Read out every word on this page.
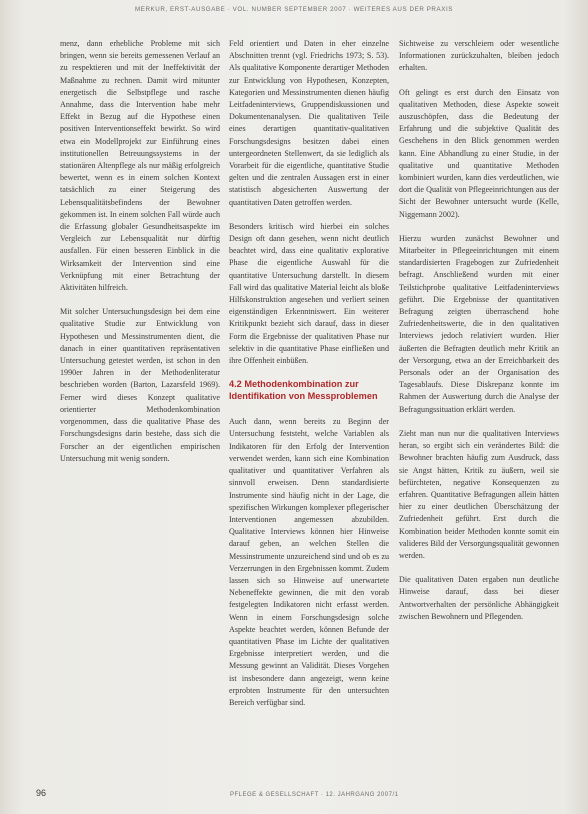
MERKUR, ERST-AUSGABE · VOL. NUMBER SEPTEMBER 2007 · WEITERES AUS DER PRAXIS

menz, dann erhebliche Probleme mit sich bringen, wenn sie bereits gemessenen Verlauf an zu respektieren und mit der Ineffektivität der Maßnahme zu rechnen. Damit wird mitunter energetisch die Selbstpflege und rasche Annahme, dass die Intervention habe mehr Effekt in Bezug auf die Hypothese einen positiven Interventionseffekt bewirkt. So wird etwa ein Modellprojekt zur Einführung eines institutionellen Betreuungssystems in der stationären Altenpflege als nur mäßig erfolgreich bewertet, wenn es in einem solchen Kontext tatsächlich zu einer Steigerung des Lebensqualitätsbefindens der Bewohner gekommen ist. In einem solchen Fall würde auch die Erfassung globaler Gesundheitsaspekte im Vergleich zur Lebensqualität nur dürftig ausfallen. Für einen besseren Einblick in die Wirksamkeit der Intervention sind eine Verknüpfung mit einer Betrachtung der Aktivitäten hilfreich.

Mit solcher Untersuchungsdesign bei dem eine qualitative Studie zur Entwicklung von Hypothesen und Messinstrumenten dient, die danach in einer quantitativen repräsentativen Untersuchung getestet werden, ist schon in den 1990er Jahren in der Methodenliteratur beschrieben worden (Barton, Lazarsfeld 1969). Ferner wird dieses Konzept qualitative orientierter Methodenkombination vorgenommen, dass die qualitative Phase des Forschungsdesigns darin bestehe, dass sich die Forscher an der eigentlichen empirischen Untersuchung mit wenig sondern.

Feld orientiert und Daten in eher einzelne Abschnitten trennt (vgl. Friedrichs 1973; S. 53). Als qualitative Komponente derartiger Methoden zur Entwicklung von Hypothesen, Konzepten, Kategorien und Messinstrumenten dienen häufig Leitfadeninterviews, Gruppendiskussionen und Dokumentenanalysen. Die qualitativen Teile eines derartigen quantitativ-qualitativen Forschungsdesigns besitzen dabei einen untergeordneten Stellenwert, da sie lediglich als Vorarbeit für die eigentliche, quantitative Studie gelten und die zentralen Aussagen erst in einer statistisch abgesicherten Auswertung der quantitativen Daten getroffen werden.

Besonders kritisch wird hierbei ein solches Design oft dann gesehen, wenn nicht deutlich beachtet wird, dass eine qualitativ explorative Phase die eigentliche Auswahl für die quantitative Untersuchung darstellt. In diesem Fall wird das qualitative Material leicht als bloße Hilfskonstruktion angesehen und verliert seinen eigenständigen Erkenntniswert. Ein weiterer Kritikpunkt bezieht sich darauf, dass in dieser Form die Ergebnisse der qualitativen Phase nur selektiv in die quantitative Phase einfließen und ihre Offenheit einbüßen.

4.2 Methodenkombination zur Identifikation von Messproblemen

Auch dann, wenn bereits zu Beginn der Untersuchung feststeht, welche Variablen als Indikatoren für den Erfolg der Intervention verwendet werden, kann sich eine Kombination qualitativer und quantitativer Verfahren als sinnvoll erweisen. Denn standardisierte Instrumente sind häufig nicht in der Lage, die spezifischen Wirkungen komplexer pflegerischer Interventionen angemessen abzubilden. Qualitative Interviews können hier Hinweise darauf geben, an welchen Stellen die Messinstrumente unzureichend sind und ob es zu Verzerrungen in den Ergebnissen kommt. Zudem lassen sich so Hinweise auf unerwartete Nebeneffekte gewinnen, die mit den vorab festgelegten Indikatoren nicht erfasst werden. Wenn in einem Forschungsdesign solche Aspekte beachtet werden, können Befunde der quantitativen Phase im Lichte der qualitativen Ergebnisse interpretiert werden, und die Messung gewinnt an Validität. Dieses Vorgehen ist insbesondere dann angezeigt, wenn keine erprobten Instrumente für den untersuchten Bereich verfügbar sind.

Sichtweise zu verschleiern oder wesentliche Informationen zurückzuhalten, bleiben jedoch erhalten.

Oft gelingt es erst durch den Einsatz von qualitativen Methoden, diese Aspekte soweit auszuschöpfen, dass die Bedeutung der Erfahrung und die subjektive Qualität des Geschehens in den Blick genommen werden kann. Eine Abhandlung zu einer Studie, in der qualitative und quantitative Methoden kombiniert wurden, kann dies verdeutlichen, wie dort die Qualität von Pflegeeinrichtungen aus der Sicht der Bewohner untersucht wurde (Kelle, Niggemann 2002).

Hierzu wurden zunächst Bewohner und Mitarbeiter in Pflegeeinrichtungen mit einem standardisierten Fragebogen zur Zufriedenheit befragt. Anschließend wurden mit einer Teilstichprobe qualitative Leitfadeninterviews geführt. Die Ergebnisse der quantitativen Befragung zeigten überraschend hohe Zufriedenheitswerte, die in den qualitativen Interviews jedoch relativiert wurden. Hier äußerten die Befragten deutlich mehr Kritik an der Versorgung, etwa an der Erreichbarkeit des Personals oder an der Organisation des Tagesablaufs. Diese Diskrepanz konnte im Rahmen der Auswertung durch die Analyse der Befragungssituation erklärt werden.

Zieht man nun nur die qualitativen Interviews heran, so ergibt sich ein verändertes Bild: die Bewohner brachten häufig zum Ausdruck, dass sie Angst hätten, Kritik zu äußern, weil sie befürchteten, negative Konsequenzen zu erfahren. Quantitative Befragungen allein hätten hier zu einer deutlichen Überschätzung der Zufriedenheit geführt. Erst durch die Kombination beider Methoden konnte somit ein valideres Bild der Versorgungsqualität gewonnen werden.

Die qualitativen Daten ergaben nun deutliche Hinweise darauf, dass bei dieser Antwortverhalten der persönliche Abhängigkeit zwischen Bewohnern und Pflegenden.

96	PFLEGE & GESELLSCHAFT · 12. JAHRGANG 2007/1
